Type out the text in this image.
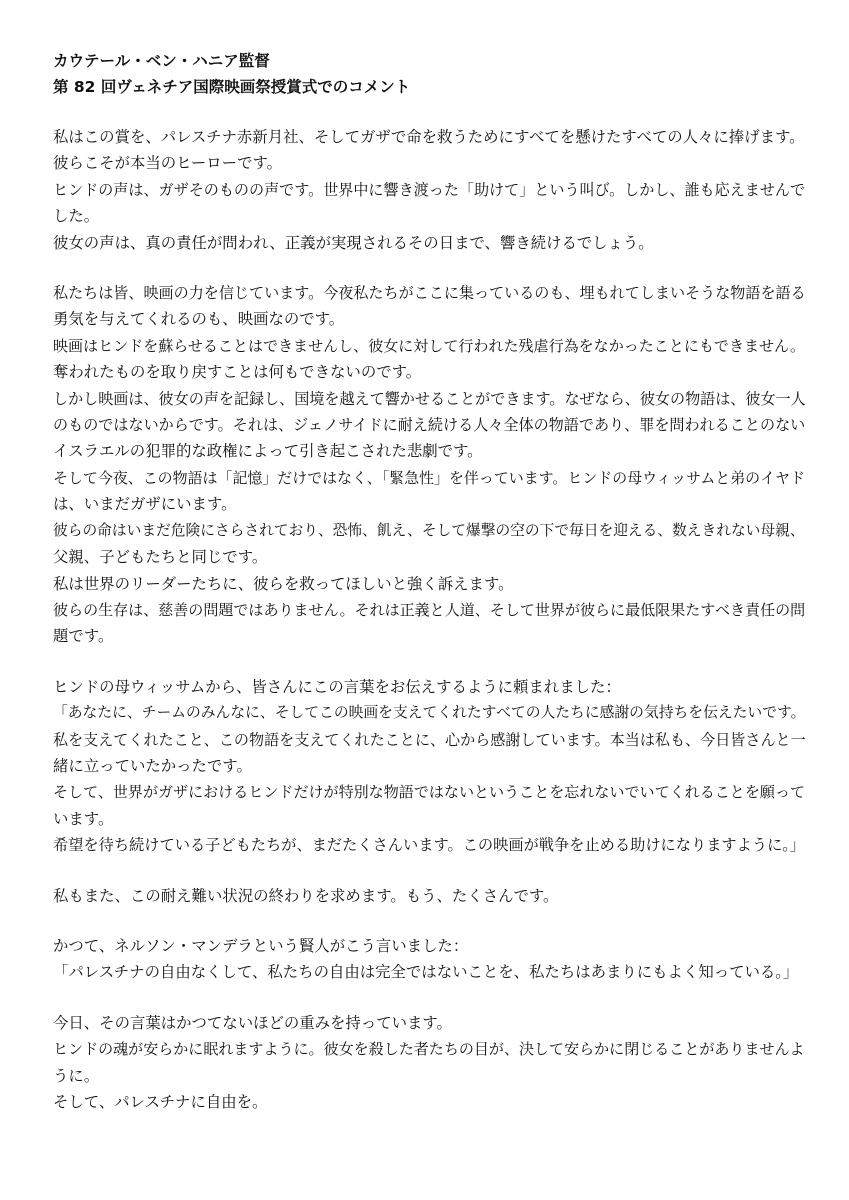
カウテール・ベン・ハニア監督

第 82 回ヴェネチア国際映画祭授賞式でのコメント

私はこの賞を、パレスチナ赤新月社、そしてガザで命を救うためにすべてを懸けたすべての人々に捧げます。

彼らこそが本当のヒーローです。

ヒンドの声は、ガザそのものの声です。世界中に響き渡った「助けて」という叫び。しかし、誰も応えませんで

した。

彼女の声は、真の責任が問われ、正義が実現されるその日まで、響き続けるでしょう。

私たちは皆、映画の力を信じています。今夜私たちがここに集っているのも、埋もれてしまいそうな物語を語る

勇気を与えてくれるのも、映画なのです。

映画はヒンドを蘇らせることはできませんし、彼女に対して行われた残虐行為をなかったことにもできません。

奪われたものを取り戻すことは何もできないのです。

しかし映画は、彼女の声を記録し、国境を越えて響かせることができます。なぜなら、彼女の物語は、彼女一人

のものではないからです。それは、ジェノサイドに耐え続ける人々全体の物語であり、罪を問われることのない

イスラエルの犯罪的な政権によって引き起こされた悲劇です。

そして今夜、この物語は「記憶」だけではなく、「緊急性」を伴っています。ヒンドの母ウィッサムと弟のイヤド

は、いまだガザにいます。

彼らの命はいまだ危険にさらされており、恐怖、飢え、そして爆撃の空の下で毎日を迎える、数えきれない母親、

父親、子どもたちと同じです。

私は世界のリーダーたちに、彼らを救ってほしいと強く訴えます。

彼らの生存は、慈善の問題ではありません。それは正義と人道、そして世界が彼らに最低限果たすべき責任の問

題です。

ヒンドの母ウィッサムから、皆さんにこの言葉をお伝えするように頼まれました：

「あなたに、チームのみんなに、そしてこの映画を支えてくれたすべての人たちに感謝の気持ちを伝えたいです。

私を支えてくれたこと、この物語を支えてくれたことに、心から感謝しています。本当は私も、今日皆さんと一

緒に立っていたかったです。

そして、世界がガザにおけるヒンドだけが特別な物語ではないということを忘れないでいてくれることを願って

います。

希望を待ち続けている子どもたちが、まだたくさんいます。この映画が戦争を止める助けになりますように。」

私もまた、この耐え難い状況の終わりを求めます。もう、たくさんです。

かつて、ネルソン・マンデラという賢人がこう言いました：

「パレスチナの自由なくして、私たちの自由は完全ではないことを、私たちはあまりにもよく知っている。」

今日、その言葉はかつてないほどの重みを持っています。

ヒンドの魂が安らかに眠れますように。彼女を殺した者たちの目が、決して安らかに閉じることがありませんよ

うに。

そして、パレスチナに自由を。
